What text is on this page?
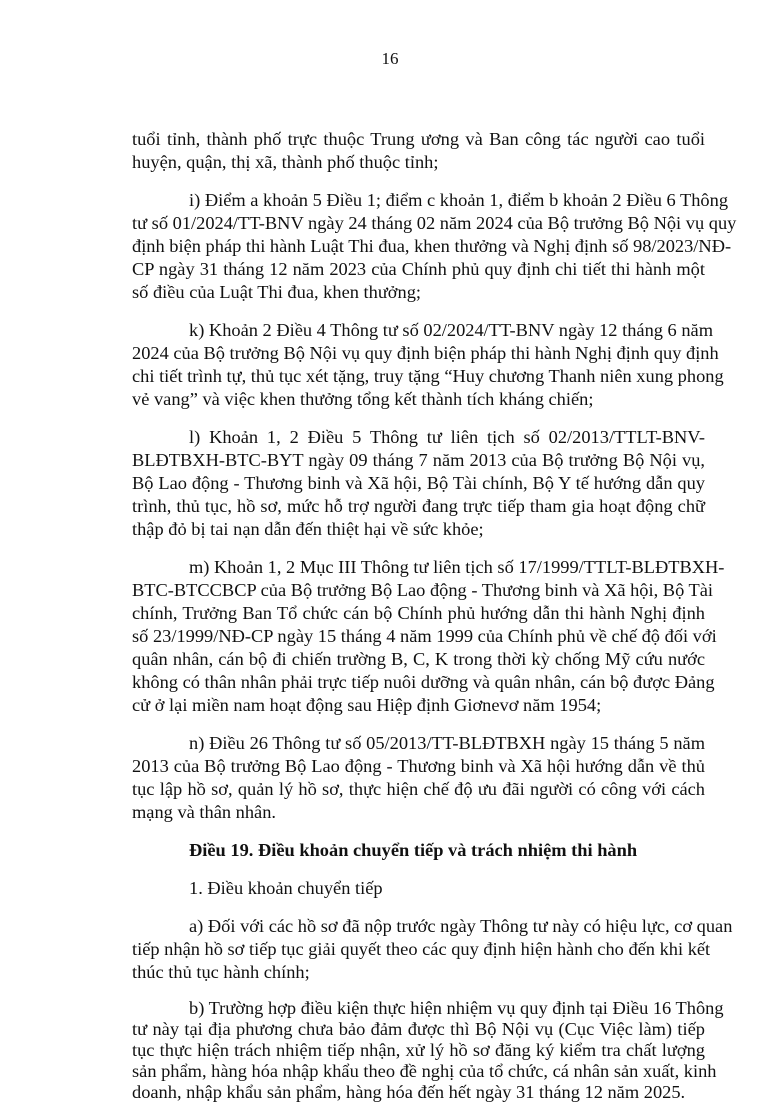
16
tuổi tỉnh, thành phố trực thuộc Trung ương và Ban công tác người cao tuổi
huyện, quận, thị xã, thành phố thuộc tỉnh;
i) Điểm a khoản 5 Điều 1; điểm c khoản 1, điểm b khoản 2 Điều 6 Thông
tư số 01/2024/TT-BNV ngày 24 tháng 02 năm 2024 của Bộ trưởng Bộ Nội vụ quy
định biện pháp thi hành Luật Thi đua, khen thưởng và Nghị định số 98/2023/NĐ-
CP ngày 31 tháng 12 năm 2023 của Chính phủ quy định chi tiết thi hành một
số điều của Luật Thi đua, khen thưởng;
k) Khoản 2 Điều 4 Thông tư số 02/2024/TT-BNV ngày 12 tháng 6 năm
2024 của Bộ trưởng Bộ Nội vụ quy định biện pháp thi hành Nghị định quy định
chi tiết trình tự, thủ tục xét tặng, truy tặng “Huy chương Thanh niên xung phong
vẻ vang” và việc khen thưởng tổng kết thành tích kháng chiến;
l) Khoản 1, 2 Điều 5 Thông tư liên tịch số 02/2013/TTLT-BNV-
BLĐTBXH-BTC-BYT ngày 09 tháng 7 năm 2013 của Bộ trưởng Bộ Nội vụ,
Bộ Lao động - Thương binh và Xã hội, Bộ Tài chính, Bộ Y tế hướng dẫn quy
trình, thủ tục, hồ sơ, mức hỗ trợ người đang trực tiếp tham gia hoạt động chữ
thập đỏ bị tai nạn dẫn đến thiệt hại về sức khỏe;
m) Khoản 1, 2 Mục III Thông tư liên tịch số 17/1999/TTLT-BLĐTBXH-
BTC-BTCCBCP của Bộ trưởng Bộ Lao động - Thương binh và Xã hội, Bộ Tài
chính, Trưởng Ban Tổ chức cán bộ Chính phủ hướng dẫn thi hành Nghị định
số 23/1999/NĐ-CP ngày 15 tháng 4 năm 1999 của Chính phủ về chế độ đối với
quân nhân, cán bộ đi chiến trường B, C, K trong thời kỳ chống Mỹ cứu nước
không có thân nhân phải trực tiếp nuôi dưỡng và quân nhân, cán bộ được Đảng
cử ở lại miền nam hoạt động sau Hiệp định Giơnevơ năm 1954;
n) Điều 26 Thông tư số 05/2013/TT-BLĐTBXH ngày 15 tháng 5 năm
2013 của Bộ trưởng Bộ Lao động - Thương binh và Xã hội hướng dẫn về thủ
tục lập hồ sơ, quản lý hồ sơ, thực hiện chế độ ưu đãi người có công với cách
mạng và thân nhân.
Điều 19. Điều khoản chuyển tiếp và trách nhiệm thi hành
1. Điều khoản chuyển tiếp
a) Đối với các hồ sơ đã nộp trước ngày Thông tư này có hiệu lực, cơ quan
tiếp nhận hồ sơ tiếp tục giải quyết theo các quy định hiện hành cho đến khi kết
thúc thủ tục hành chính;
b) Trường hợp điều kiện thực hiện nhiệm vụ quy định tại Điều 16 Thông
tư này tại địa phương chưa bảo đảm được thì Bộ Nội vụ (Cục Việc làm) tiếp
tục thực hiện trách nhiệm tiếp nhận, xử lý hồ sơ đăng ký kiểm tra chất lượng
sản phẩm, hàng hóa nhập khẩu theo đề nghị của tổ chức, cá nhân sản xuất, kinh
doanh, nhập khẩu sản phẩm, hàng hóa đến hết ngày 31 tháng 12 năm 2025.
